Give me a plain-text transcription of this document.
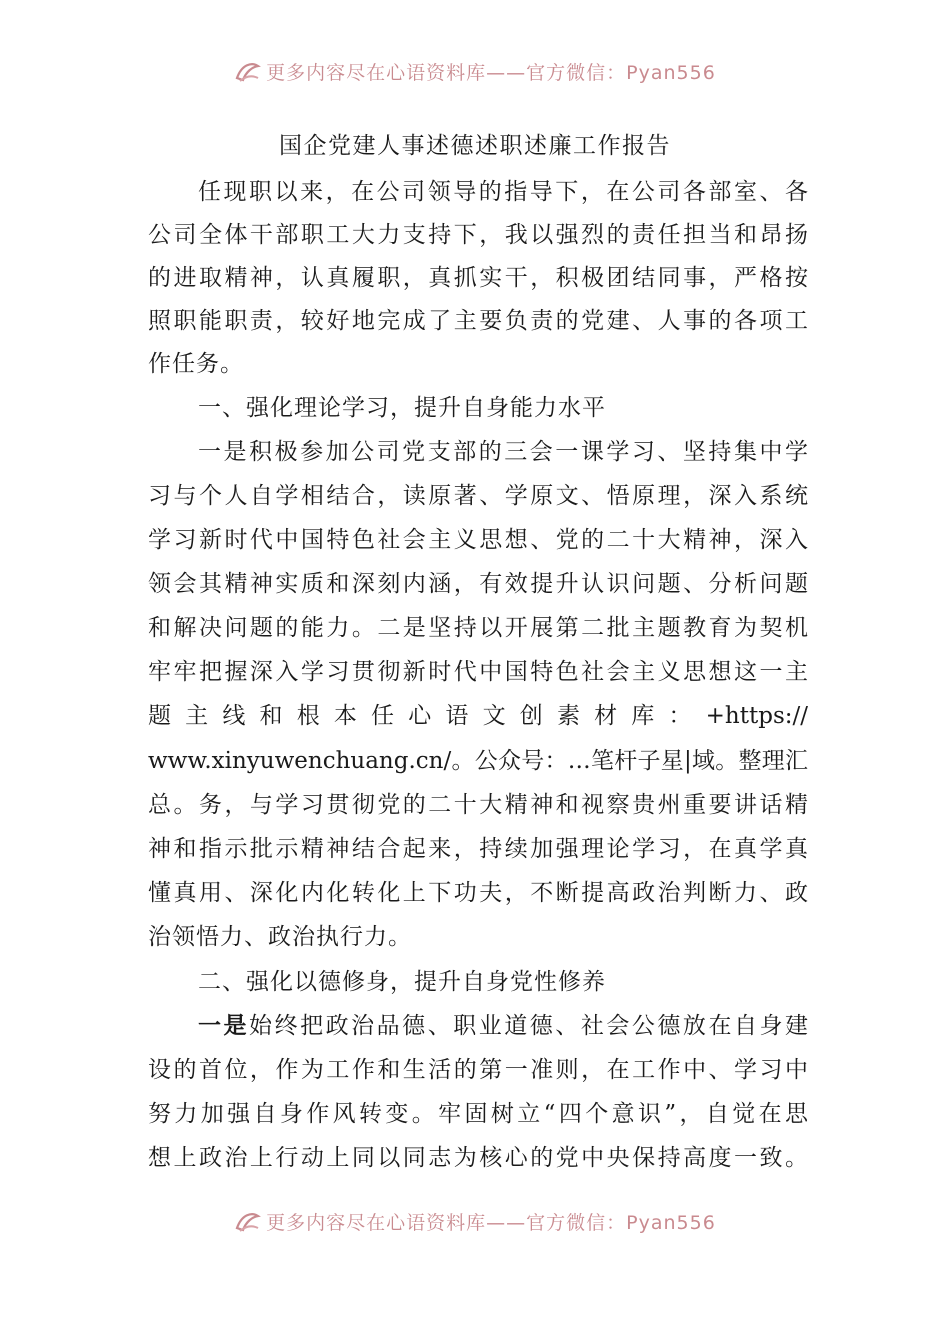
更多内容尽在心语资料库——官方微信：Pyan556
国企党建人事述德述职述廉工作报告
任现职以来，在公司领导的指导下，在公司各部室、各
公司全体干部职工大力支持下，我以强烈的责任担当和昂扬
的进取精神，认真履职，真抓实干，积极团结同事，严格按
照职能职责，较好地完成了主要负责的党建、人事的各项工
作任务。
一、强化理论学习，提升自身能力水平
一是积极参加公司党支部的三会一课学习、坚持集中学
习与个人自学相结合，读原著、学原文、悟原理，深入系统
学习新时代中国特色社会主义思想、党的二十大精神，深入
领会其精神实质和深刻内涵，有效提升认识问题、分析问题
和解决问题的能力。二是坚持以开展第二批主题教育为契机
牢牢把握深入学习贯彻新时代中国特色社会主义思想这一主
题主线和根本任心语文创素材库：+https://
www.xinyuwenchuang.cn/。公众号：…笔杆子星|域。整理汇
总。务，与学习贯彻党的二十大精神和视察贵州重要讲话精
神和指示批示精神结合起来，持续加强理论学习，在真学真
懂真用、深化内化转化上下功夫，不断提高政治判断力、政
治领悟力、政治执行力。
二、强化以德修身，提升自身党性修养
一是始终把政治品德、职业道德、社会公德放在自身建
设的首位，作为工作和生活的第一准则，在工作中、学习中
努力加强自身作风转变。牢固树立“四个意识”，自觉在思
想上政治上行动上同以同志为核心的党中央保持高度一致。
更多内容尽在心语资料库——官方微信：Pyan556
